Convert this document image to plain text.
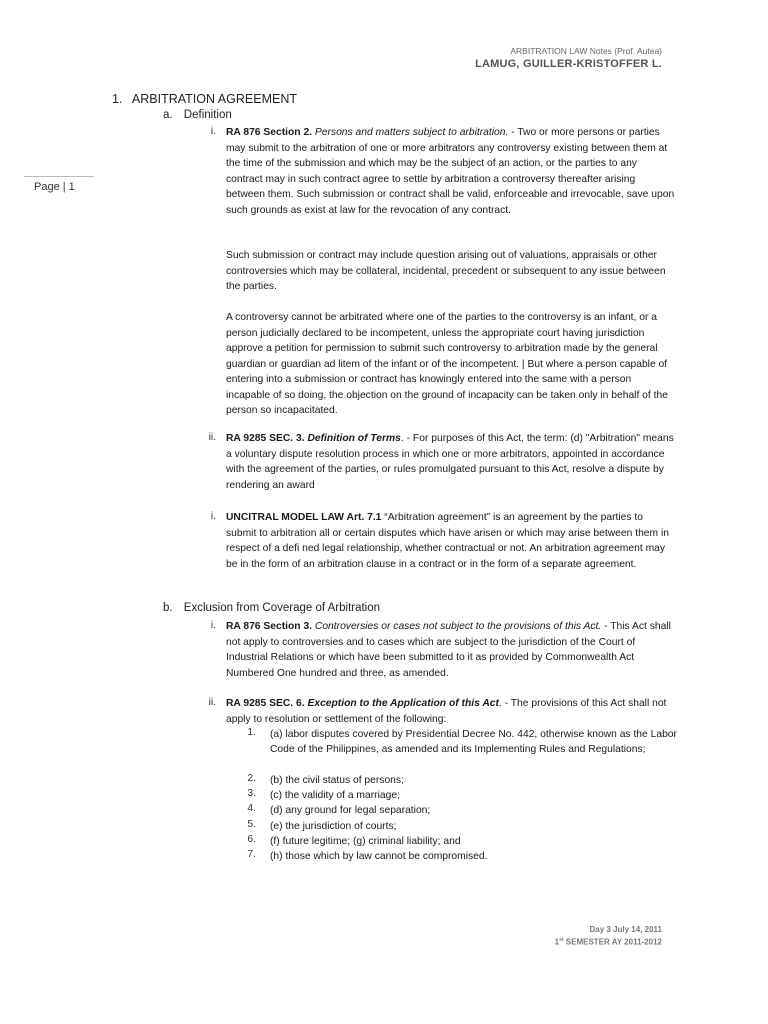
ARBITRATION LAW Notes (Prof. Autea)
LAMUG, GUILLER-KRISTOFFER L.
Page | 1
1. ARBITRATION AGREEMENT
a. Definition
i. RA 876 Section 2. Persons and matters subject to arbitration. - Two or more persons or parties may submit to the arbitration of one or more arbitrators any controversy existing between them at the time of the submission and which may be the subject of an action, or the parties to any contract may in such contract agree to settle by arbitration a controversy thereafter arising between them. Such submission or contract shall be valid, enforceable and irrevocable, save upon such grounds as exist at law for the revocation of any contract.
Such submission or contract may include question arising out of valuations, appraisals or other controversies which may be collateral, incidental, precedent or subsequent to any issue between the parties.
A controversy cannot be arbitrated where one of the parties to the controversy is an infant, or a person judicially declared to be incompetent, unless the appropriate court having jurisdiction approve a petition for permission to submit such controversy to arbitration made by the general guardian or guardian ad litem of the infant or of the incompetent. | But where a person capable of entering into a submission or contract has knowingly entered into the same with a person incapable of so doing, the objection on the ground of incapacity can be taken only in behalf of the person so incapacitated.
ii. RA 9285 SEC. 3. Definition of Terms. - For purposes of this Act, the term: (d) "Arbitration" means a voluntary dispute resolution process in which one or more arbitrators, appointed in accordance with the agreement of the parties, or rules promulgated pursuant to this Act, resolve a dispute by rendering an award
i. UNCITRAL MODEL LAW Art. 7.1 “Arbitration agreement” is an agreement by the parties to submit to arbitration all or certain disputes which have arisen or which may arise between them in respect of a defi ned legal relationship, whether contractual or not. An arbitration agreement may be in the form of an arbitration clause in a contract or in the form of a separate agreement.
b. Exclusion from Coverage of Arbitration
i. RA 876 Section 3. Controversies or cases not subject to the provisions of this Act. - This Act shall not apply to controversies and to cases which are subject to the jurisdiction of the Court of Industrial Relations or which have been submitted to it as provided by Commonwealth Act Numbered One hundred and three, as amended.
ii. RA 9285 SEC. 6. Exception to the Application of this Act. - The provisions of this Act shall not apply to resolution or settlement of the following:
1. (a) labor disputes covered by Presidential Decree No. 442, otherwise known as the Labor Code of the Philippines, as amended and its Implementing Rules and Regulations;
2. (b) the civil status of persons;
3. (c) the validity of a marriage;
4. (d) any ground for legal separation;
5. (e) the jurisdiction of courts;
6. (f) future legitime; (g) criminal liability; and
7. (h) those which by law cannot be compromised.
Day 3 July 14, 2011
1st SEMESTER AY 2011-2012
